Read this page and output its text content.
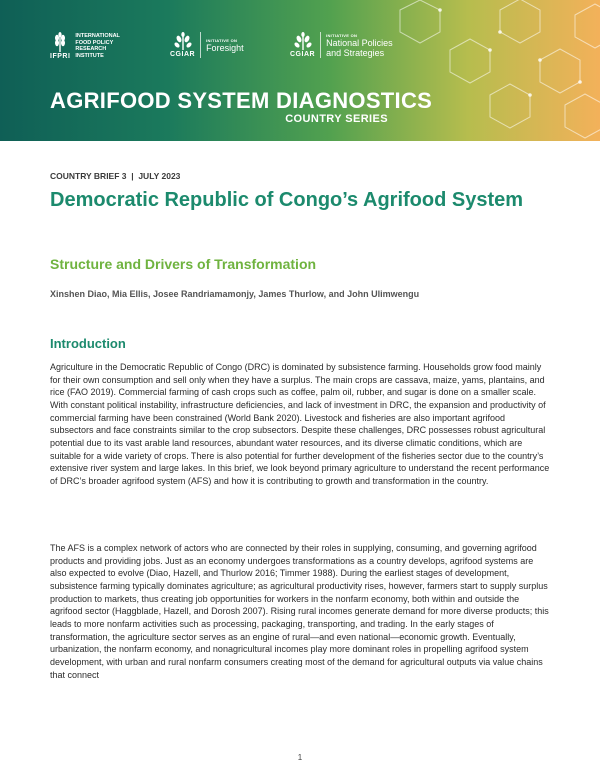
IFPRI
INTERNATIONAL
FOOD POLICY
RESEARCH
INSTITUTE	CGIAR
INITIATIVE ON
Foresight
CGIAR
INITIATIVE ON
National Policies
and Strategies
AGRIFOOD SYSTEM DIAGNOSTICS
COUNTRY SERIES
COUNTRY BRIEF 3  |  JULY 2023
Democratic Republic of Congo’s Agrifood System
Structure and Drivers of Transformation
Xinshen Diao, Mia Ellis, Josee Randriamamonjy, James Thurlow, and John Ulimwengu
Introduction

Agriculture in the Democratic Republic of Congo (DRC) is dominated by subsistence farming. Households grow food mainly for their own consumption and sell only when they have a surplus. The main crops are cassava, maize, yams, plantains, and rice (FAO 2019). Commercial farming of cash crops such as coffee, palm oil, rubber, and sugar is done on a smaller scale. With constant political instability, infrastructure deficiencies, and lack of investment in DRC, the expansion and productivity of commercial farming have been constrained (World Bank 2020). Livestock and fisheries are also important agrifood subsectors and face constraints similar to the crop subsectors. Despite these challenges, DRC possesses robust agricultural potential due to its vast arable land resources, abundant water resources, and its diverse climatic conditions, which are suitable for a wide variety of crops. There is also potential for further development of the fisheries sector due to the country’s extensive river system and large lakes. In this brief, we look beyond primary agriculture to understand the recent performance of DRC’s broader agrifood system (AFS) and how it is contributing to growth and transformation in the country.

The AFS is a complex network of actors who are connected by their roles in supplying, consuming, and governing agrifood products and providing jobs. Just as an economy undergoes transformations as a country develops, agrifood systems are also expected to evolve (Diao, Hazell, and Thurlow 2016; Timmer 1988). During the earliest stages of development, subsistence farming typically dominates agriculture; as agricultural productivity rises, however, farmers start to supply surplus production to markets, thus creating job opportunities for workers in the nonfarm economy, both within and outside the agrifood sector (Haggblade, Hazell, and Dorosh 2007). Rising rural incomes generate demand for more diverse products; this leads to more nonfarm activities such as processing, packaging, transporting, and trading. In the early stages of transformation, the agriculture sector serves as an engine of rural—and even national—economic growth. Eventually, urbanization, the nonfarm economy, and nonagricultural incomes play more dominant roles in propelling agrifood system development, with urban and rural nonfarm consumers creating most of the demand for agricultural outputs via value chains that connect

1
